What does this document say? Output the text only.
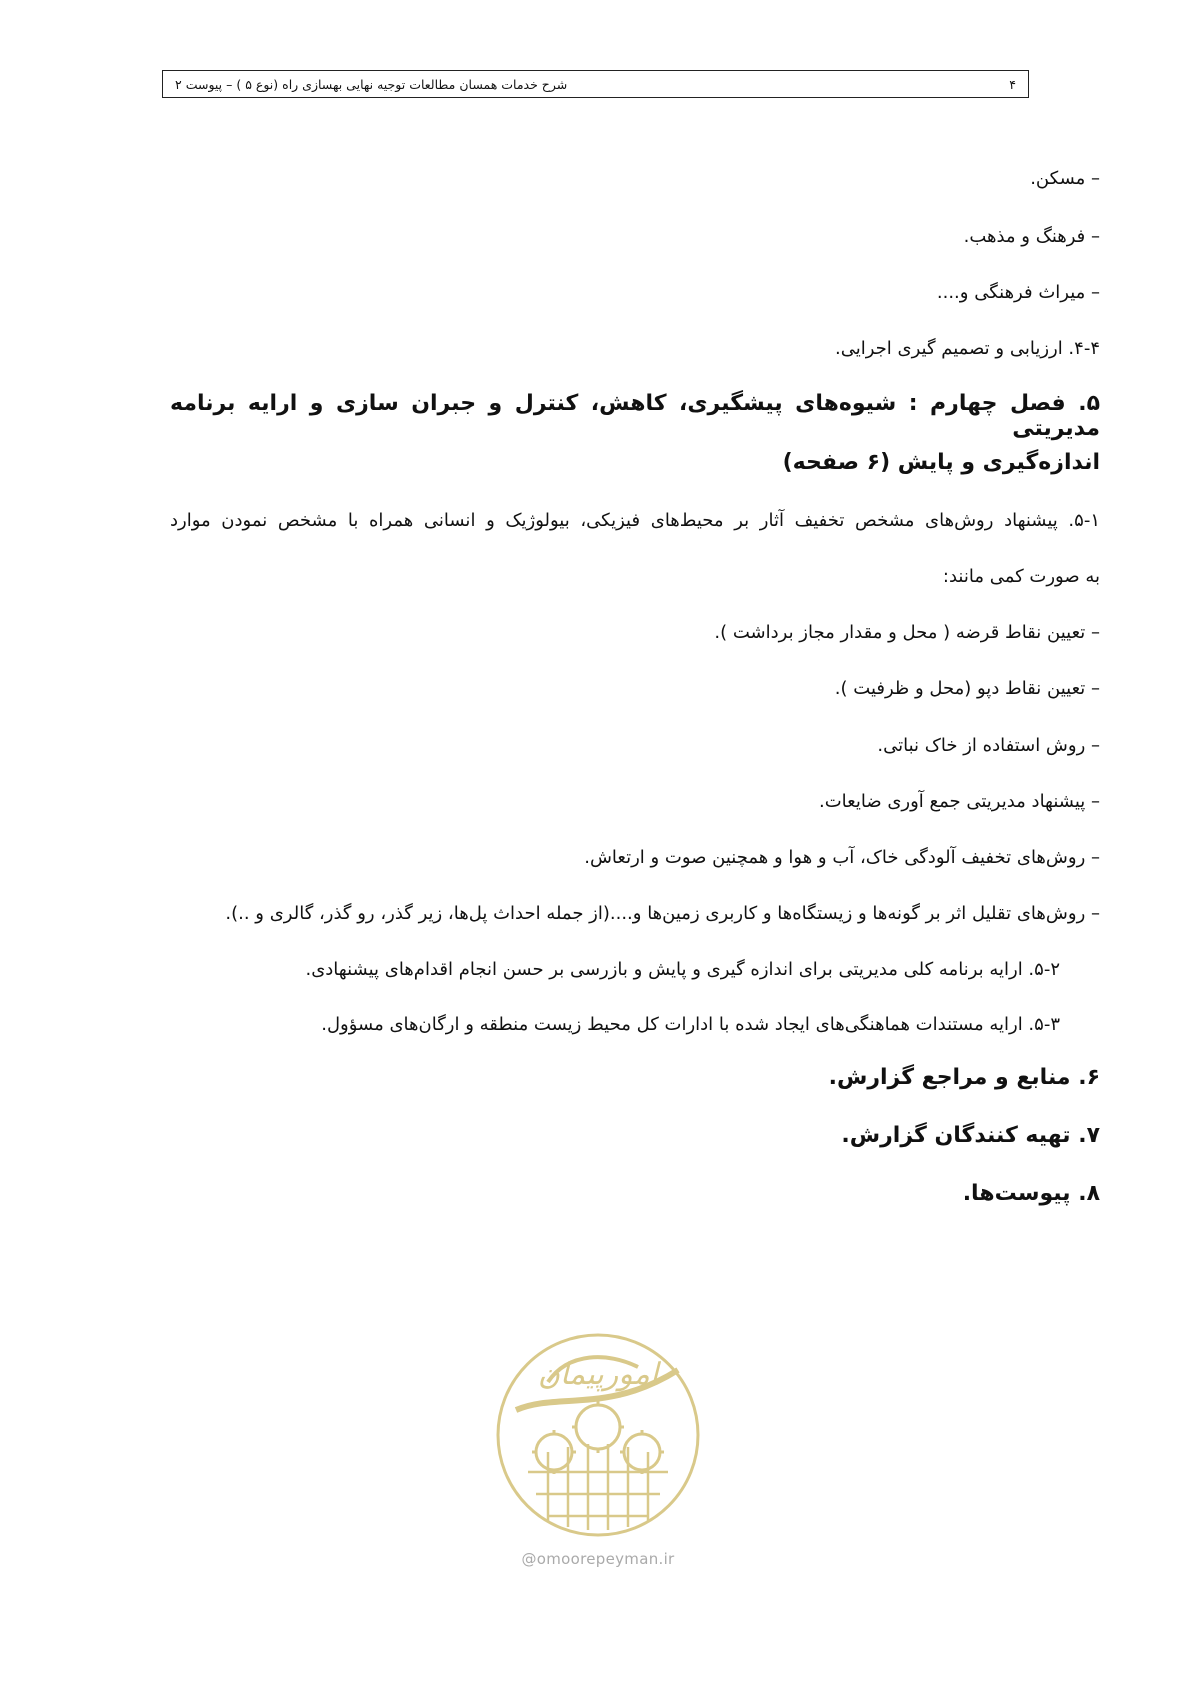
۴
شرح خدمات همسان مطالعات توجیه نهایی بهسازی راه (نوع ۵ ) – پیوست ۲
– مسکن.
– فرهنگ و مذهب.
– میراث فرهنگی و....
۴-۴. ارزیابی و تصمیم گیری اجرایی.
۵. فصل چهارم : شیوه‌های پیشگیری، کاهش، کنترل و جبران سازی و ارایه برنامه مدیریتی
اندازه‌گیری و پایش (۶ صفحه)
۵-۱. پیشنهاد روش‌های مشخص تخفیف آثار بر محیط‌های فیزیکی، بیولوژیک و انسانی همراه با مشخص نمودن موارد
به صورت کمی مانند:
– تعیین نقاط قرضه ( محل و مقدار مجاز برداشت ).
– تعیین نقاط دپو (محل و ظرفیت ).
– روش استفاده از خاک نباتی.
– پیشنهاد مدیریتی جمع آوری ضایعات.
– روش‌های تخفیف آلودگی خاک، آب و هوا و همچنین صوت و ارتعاش.
– روش‌های تقلیل اثر بر گونه‌ها و زیستگاه‌ها و کاربری زمین‌ها و....(از جمله احداث پل‌ها، زیر گذر، رو گذر، گالری و ..).
۵-۲. ارایه برنامه کلی مدیریتی برای اندازه گیری و پایش و بازرسی بر حسن انجام اقدام‌های پیشنهادی.
۵-۳. ارایه مستندات هماهنگی‌های ایجاد شده با ادارات کل محیط زیست منطقه و ارگان‌های مسؤول.
۶. منابع و مراجع گزارش.
۷. تهیه کنندگان گزارش.
۸. پیوست‌ها.
امورپیمان
@omoorepeyman.ir
